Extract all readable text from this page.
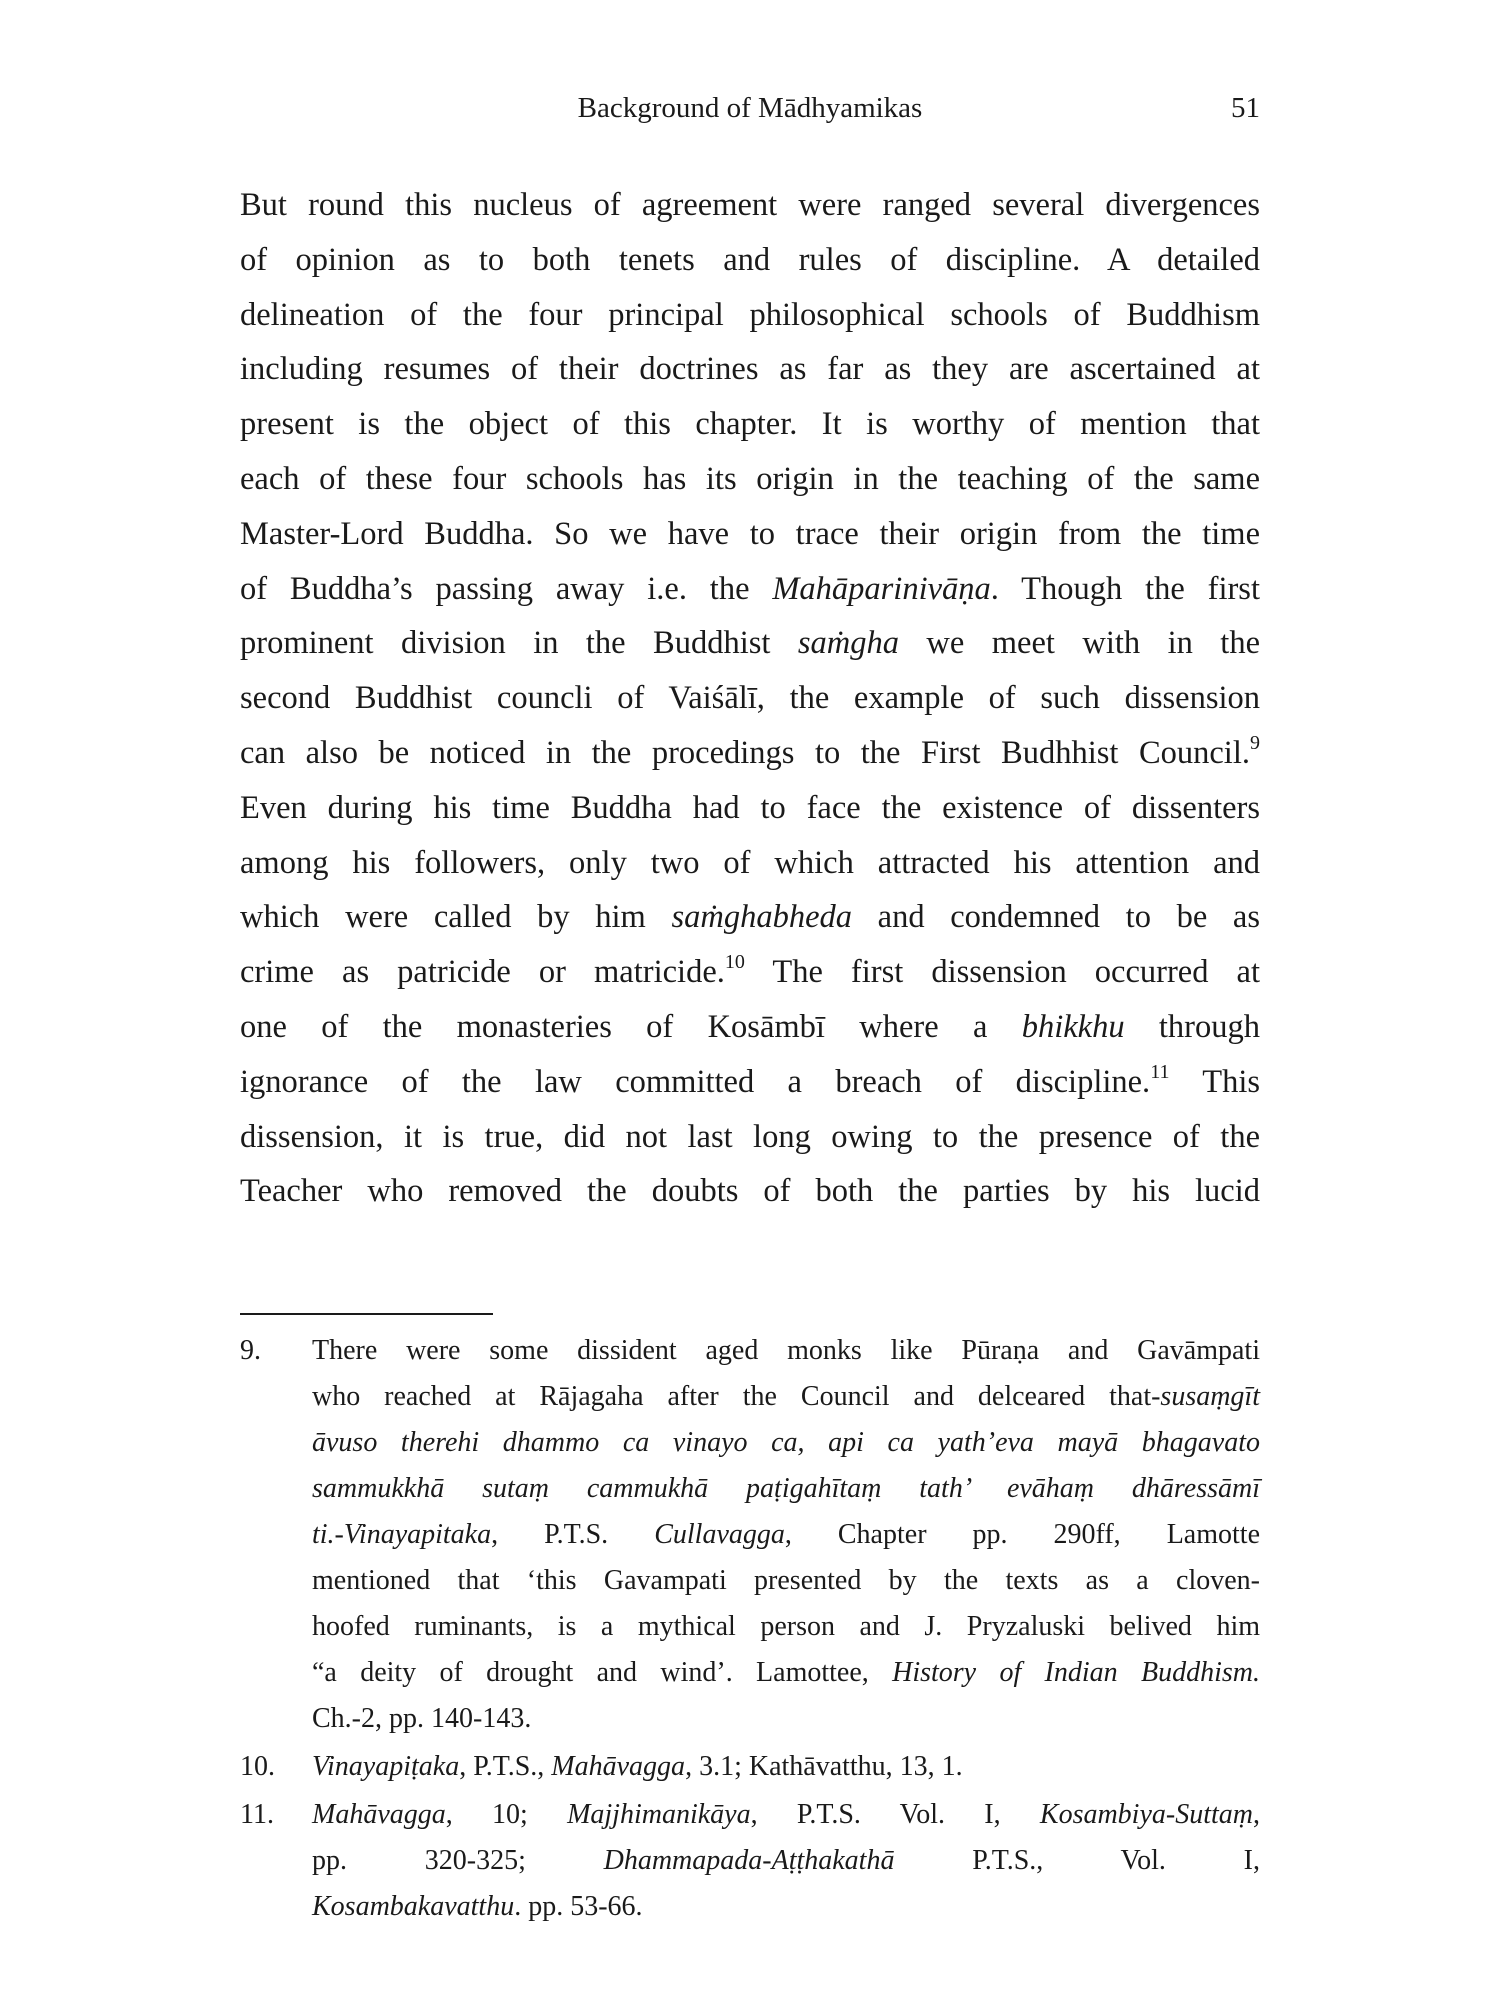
Background of Mādhyamikas	51
But round this nucleus of agreement were ranged several divergences
of opinion as to both tenets and rules of discipline. A detailed
delineation of the four principal philosophical schools of Buddhism
including resumes of their doctrines as far as they are ascertained at
present is the object of this chapter. It is worthy of mention that
each of these four schools has its origin in the teaching of the same
Master-Lord Buddha. So we have to trace their origin from the time
of Buddha’s passing away i.e. the Mahāparinivāṇa. Though the first
prominent division in the Buddhist saṁgha we meet with in the
second Buddhist councli of Vaiśālī, the example of such dissension
can also be noticed in the procedings to the First Budhhist Council.$^9$
Even during his time Buddha had to face the existence of dissenters
among his followers, only two of which attracted his attention and
which were called by him saṁghabheda and condemned to be as
crime as patricide or matricide.$^{10}$ The first dissension occurred at
one of the monasteries of Kosāmbī where a bhikkhu through
ignorance of the law committed a breach of discipline.$^{11}$ This
dissension, it is true, did not last long owing to the presence of the
Teacher who removed the doubts of both the parties by his lucid
9. There were some dissident aged monks like Pūraṇa and Gavāmpati
who reached at Rājagaha after the Council and delceared that-susaṃgīt
āvuso therehi dhammo ca vinayo ca, api ca yath’eva mayā bhagavato
sammukkhā sutaṃ cammukhā paṭigahītaṃ tath’ evāhaṃ dhāressāmī
ti.-Vinayapitaka, P.T.S. Cullavagga, Chapter pp. 290ff, Lamotte
mentioned that ‘this Gavampati presented by the texts as a cloven-
hoofed ruminants, is a mythical person and J. Pryzaluski belived him
“a deity of drought and wind’. Lamottee, History of Indian Buddhism.
Ch.-2, pp. 140-143.
10. Vinayapiṭaka, P.T.S., Mahāvagga, 3.1; Kathāvatthu, 13, 1.
11. Mahāvagga, 10; Majjhimanikāya, P.T.S. Vol. I, Kosambiya-Suttaṃ,
pp. 320-325; Dhammapada-Aṭṭhakathā P.T.S., Vol. I,
Kosambakavatthu. pp. 53-66.
